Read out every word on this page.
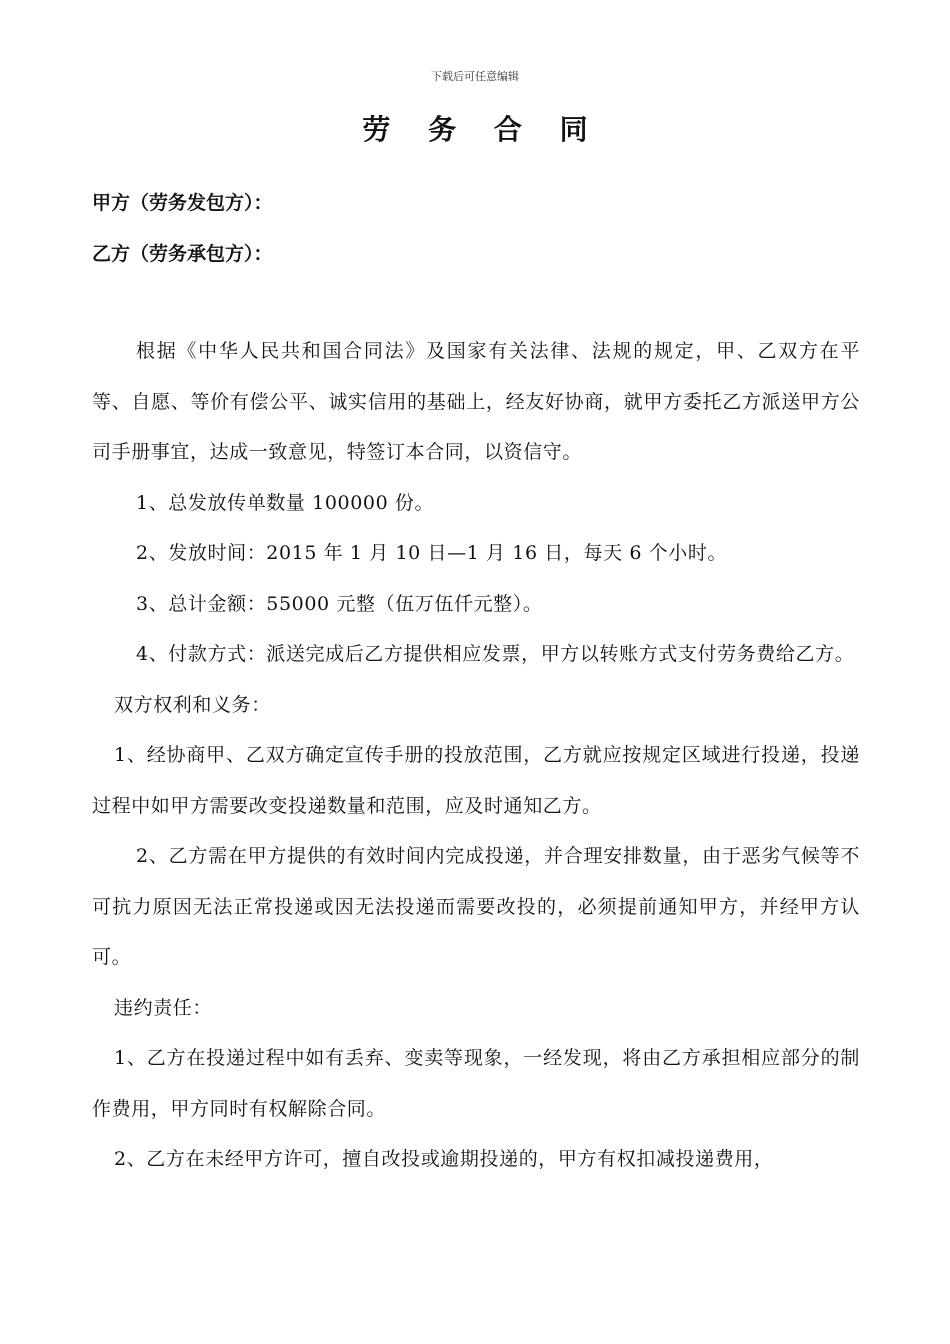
下载后可任意编辑
劳 务 合 同
甲方（劳务发包方）：
乙方（劳务承包方）：

根据《中华人民共和国合同法》及国家有关法律、法规的规定，甲、乙双方在平等、自愿、等价有偿公平、诚实信用的基础上，经友好协商，就甲方委托乙方派送甲方公司手册事宜，达成一致意见，特签订本合同，以资信守。

1、总发放传单数量 100000 份。

2、发放时间：2015 年 1 月 10 日—1 月 16 日，每天 6 个小时。

3、总计金额：55000 元整（伍万伍仟元整）。

4、付款方式：派送完成后乙方提供相应发票，甲方以转账方式支付劳务费给乙方。

双方权利和义务：

1、经协商甲、乙双方确定宣传手册的投放范围，乙方就应按规定区域进行投递，投递过程中如甲方需要改变投递数量和范围，应及时通知乙方。

2、乙方需在甲方提供的有效时间内完成投递，并合理安排数量，由于恶劣气候等不可抗力原因无法正常投递或因无法投递而需要改投的，必须提前通知甲方，并经甲方认可。

违约责任：

1、乙方在投递过程中如有丢弃、变卖等现象，一经发现，将由乙方承担相应部分的制作费用，甲方同时有权解除合同。

2、乙方在未经甲方许可，擅自改投或逾期投递的，甲方有权扣减投递费用，
